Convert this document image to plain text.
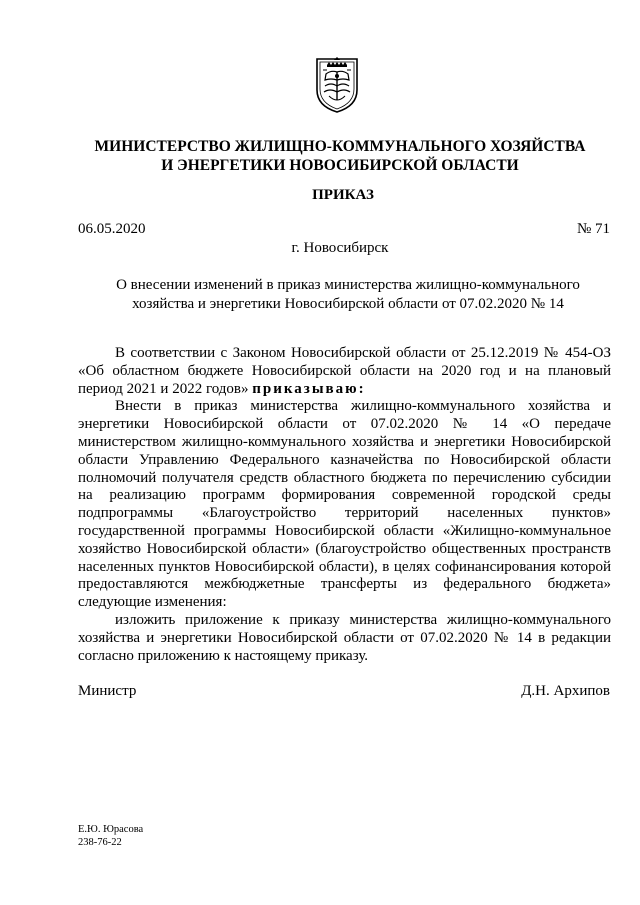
МИНИСТЕРСТВО ЖИЛИЩНО-КОММУНАЛЬНОГО ХОЗЯЙСТВА
И ЭНЕРГЕТИКИ НОВОСИБИРСКОЙ ОБЛАСТИ
ПРИКАЗ
06.05.2020	№ 71
г. Новосибирск
О внесении изменений в приказ министерства жилищно-коммунального
хозяйства и энергетики Новосибирской области от 07.02.2020 № 14

В соответствии с Законом Новосибирской области от 25.12.2019 № 454-ОЗ «Об областном бюджете Новосибирской области на 2020 год и на плановый период 2021 и 2022 годов» приказываю:

Внести в приказ министерства жилищно-коммунального хозяйства и энергетики Новосибирской области от 07.02.2020 № 14 «О передаче министерством жилищно-коммунального хозяйства и энергетики Новосибирской области Управлению Федерального казначейства по Новосибирской области полномочий получателя средств областного бюджета по перечислению субсидии на реализацию программ формирования современной городской среды подпрограммы «Благоустройство территорий населенных пунктов» государственной программы Новосибирской области «Жилищно-коммунальное хозяйство Новосибирской области» (благоустройство общественных пространств населенных пунктов Новосибирской области), в целях софинансирования которой предоставляются межбюджетные трансферты из федерального бюджета» следующие изменения:

изложить приложение к приказу министерства жилищно-коммунального хозяйства и энергетики Новосибирской области от 07.02.2020 № 14 в редакции согласно приложению к настоящему приказу.

Министр	Д.Н. Архипов
Е.Ю. Юрасова
238-76-22
